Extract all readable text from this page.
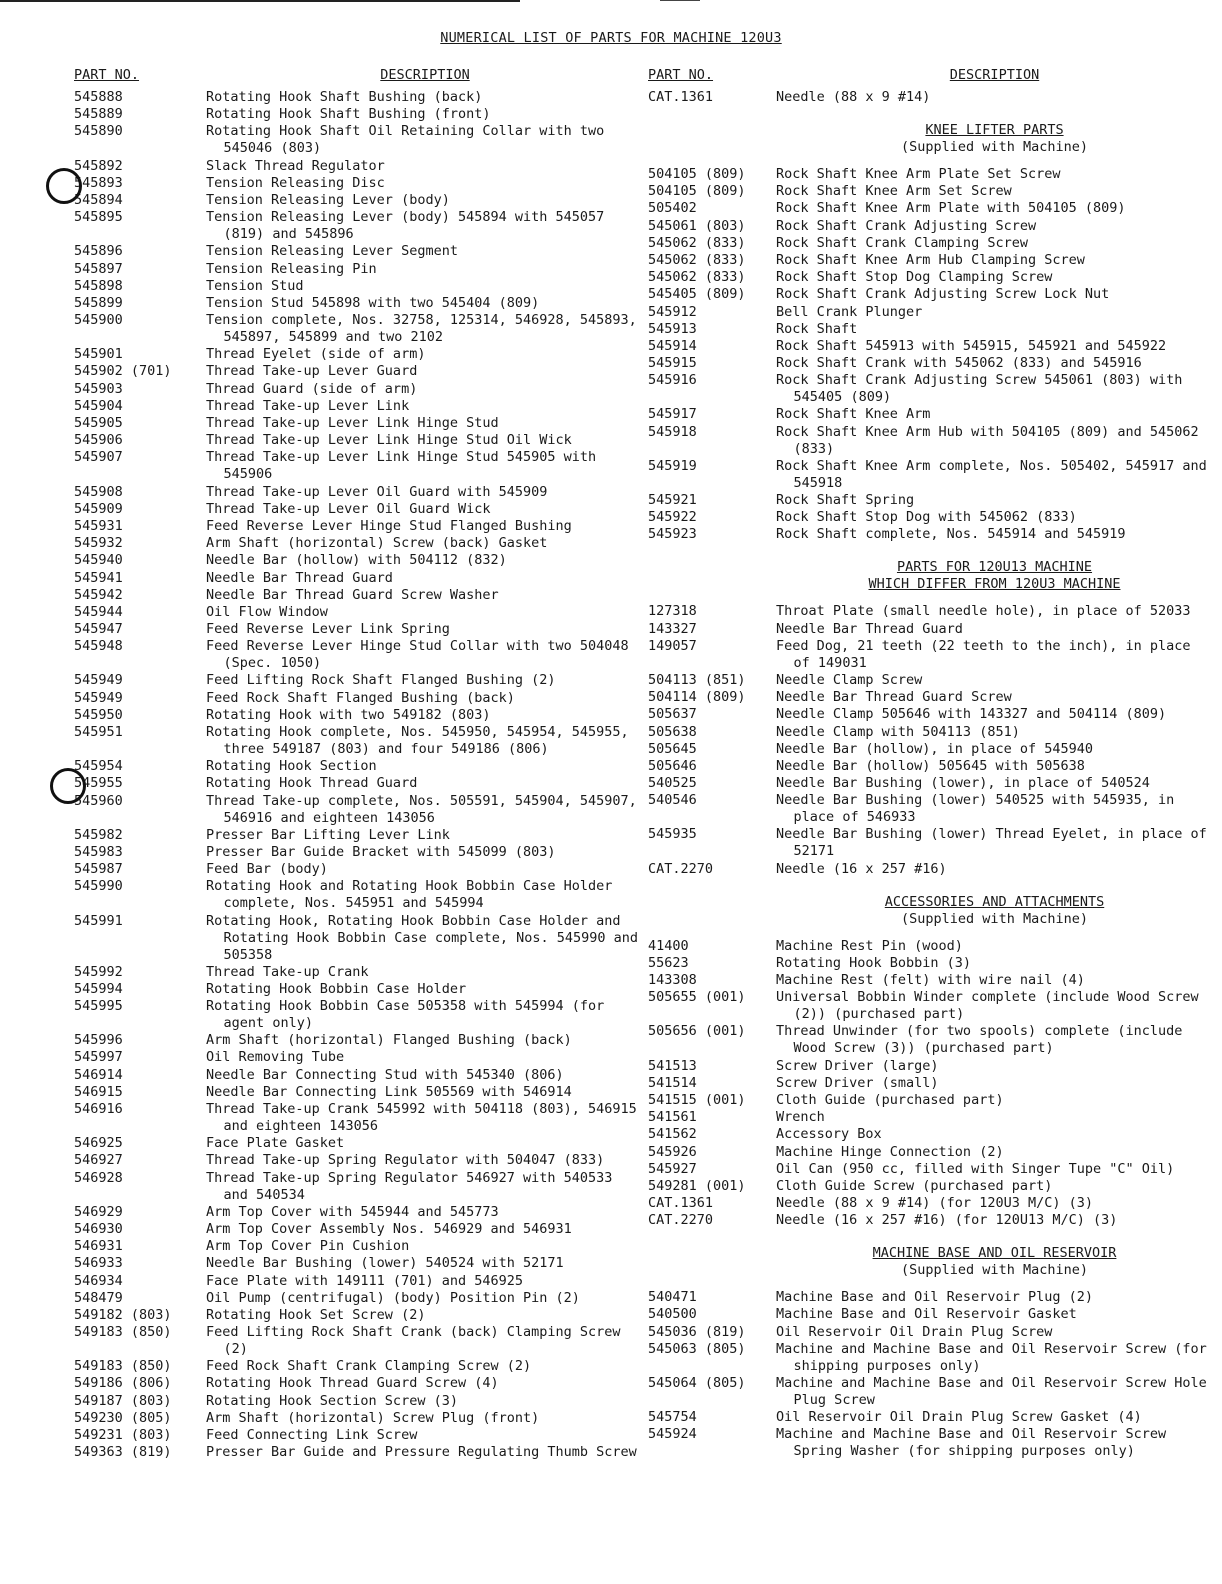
NUMERICAL LIST OF PARTS FOR MACHINE 120U3
PART NO.	DESCRIPTION
545888	Rotating Hook Shaft Bushing (back)
545889	Rotating Hook Shaft Bushing (front)
545890	Rotating Hook Shaft Oil Retaining Collar with two 545046 (803)
545892	Slack Thread Regulator
545893	Tension Releasing Disc
545894	Tension Releasing Lever (body)
545895	Tension Releasing Lever (body) 545894 with 545057 (819) and 545896
545896	Tension Releasing Lever Segment
545897	Tension Releasing Pin
545898	Tension Stud
545899	Tension Stud 545898 with two 545404 (809)
545900	Tension complete, Nos. 32758, 125314, 546928, 545893, 545897, 545899 and two 2102
545901	Thread Eyelet (side of arm)
545902 (701)	Thread Take-up Lever Guard
545903	Thread Guard (side of arm)
545904	Thread Take-up Lever Link
545905	Thread Take-up Lever Link Hinge Stud
545906	Thread Take-up Lever Link Hinge Stud Oil Wick
545907	Thread Take-up Lever Link Hinge Stud 545905 with 545906
545908	Thread Take-up Lever Oil Guard with 545909
545909	Thread Take-up Lever Oil Guard Wick
545931	Feed Reverse Lever Hinge Stud Flanged Bushing
545932	Arm Shaft (horizontal) Screw (back) Gasket
545940	Needle Bar (hollow) with 504112 (832)
545941	Needle Bar Thread Guard
545942	Needle Bar Thread Guard Screw Washer
545944	Oil Flow Window
545947	Feed Reverse Lever Link Spring
545948	Feed Reverse Lever Hinge Stud Collar with two 504048 (Spec. 1050)
545949	Feed Lifting Rock Shaft Flanged Bushing (2)
545949	Feed Rock Shaft Flanged Bushing (back)
545950	Rotating Hook with two 549182 (803)
545951	Rotating Hook complete, Nos. 545950, 545954, 545955, three 549187 (803) and four 549186 (806)
545954	Rotating Hook Section
545955	Rotating Hook Thread Guard
545960	Thread Take-up complete, Nos. 505591, 545904, 545907, 546916 and eighteen 143056
545982	Presser Bar Lifting Lever Link
545983	Presser Bar Guide Bracket with 545099 (803)
545987	Feed Bar (body)
545990	Rotating Hook and Rotating Hook Bobbin Case Holder complete, Nos. 545951 and 545994
545991	Rotating Hook, Rotating Hook Bobbin Case Holder and Rotating Hook Bobbin Case complete, Nos. 545990 and 505358
545992	Thread Take-up Crank
545994	Rotating Hook Bobbin Case Holder
545995	Rotating Hook Bobbin Case 505358 with 545994 (for agent only)
545996	Arm Shaft (horizontal) Flanged Bushing (back)
545997	Oil Removing Tube
546914	Needle Bar Connecting Stud with 545340 (806)
546915	Needle Bar Connecting Link 505569 with 546914
546916	Thread Take-up Crank 545992 with 504118 (803), 546915 and eighteen 143056
546925	Face Plate Gasket
546927	Thread Take-up Spring Regulator with 504047 (833)
546928	Thread Take-up Spring Regulator 546927 with 540533 and 540534
546929	Arm Top Cover with 545944 and 545773
546930	Arm Top Cover Assembly Nos. 546929 and 546931
546931	Arm Top Cover Pin Cushion
546933	Needle Bar Bushing (lower) 540524 with 52171
546934	Face Plate with 149111 (701) and 546925
548479	Oil Pump (centrifugal) (body) Position Pin (2)
549182 (803)	Rotating Hook Set Screw (2)
549183 (850)	Feed Lifting Rock Shaft Crank (back) Clamping Screw (2)
549183 (850)	Feed Rock Shaft Crank Clamping Screw (2)
549186 (806)	Rotating Hook Thread Guard Screw (4)
549187 (803)	Rotating Hook Section Screw (3)
549230 (805)	Arm Shaft (horizontal) Screw Plug (front)
549231 (803)	Feed Connecting Link Screw
549363 (819)	Presser Bar Guide and Pressure Regulating Thumb Screw
PART NO.	DESCRIPTION
CAT.1361	Needle (88 x 9 #14)
KNEE LIFTER PARTS
(Supplied with Machine)
504105 (809)	Rock Shaft Knee Arm Plate Set Screw
504105 (809)	Rock Shaft Knee Arm Set Screw
505402	Rock Shaft Knee Arm Plate with 504105 (809)
545061 (803)	Rock Shaft Crank Adjusting Screw
545062 (833)	Rock Shaft Crank Clamping Screw
545062 (833)	Rock Shaft Knee Arm Hub Clamping Screw
545062 (833)	Rock Shaft Stop Dog Clamping Screw
545405 (809)	Rock Shaft Crank Adjusting Screw Lock Nut
545912	Bell Crank Plunger
545913	Rock Shaft
545914	Rock Shaft 545913 with 545915, 545921 and 545922
545915	Rock Shaft Crank with 545062 (833) and 545916
545916	Rock Shaft Crank Adjusting Screw 545061 (803) with 545405 (809)
545917	Rock Shaft Knee Arm
545918	Rock Shaft Knee Arm Hub with 504105 (809) and 545062 (833)
545919	Rock Shaft Knee Arm complete, Nos. 505402, 545917 and 545918
545921	Rock Shaft Spring
545922	Rock Shaft Stop Dog with 545062 (833)
545923	Rock Shaft complete, Nos. 545914 and 545919
PARTS FOR 120U13 MACHINE
WHICH DIFFER FROM 120U3 MACHINE
127318	Throat Plate (small needle hole), in place of 52033
143327	Needle Bar Thread Guard
149057	Feed Dog, 21 teeth (22 teeth to the inch), in place of 149031
504113 (851)	Needle Clamp Screw
504114 (809)	Needle Bar Thread Guard Screw
505637	Needle Clamp 505646 with 143327 and 504114 (809)
505638	Needle Clamp with 504113 (851)
505645	Needle Bar (hollow), in place of 545940
505646	Needle Bar (hollow) 505645 with 505638
540525	Needle Bar Bushing (lower), in place of 540524
540546	Needle Bar Bushing (lower) 540525 with 545935, in place of 546933
545935	Needle Bar Bushing (lower) Thread Eyelet, in place of 52171
CAT.2270	Needle (16 x 257 #16)
ACCESSORIES AND ATTACHMENTS
(Supplied with Machine)
41400	Machine Rest Pin (wood)
55623	Rotating Hook Bobbin (3)
143308	Machine Rest (felt) with wire nail (4)
505655 (001)	Universal Bobbin Winder complete (include Wood Screw (2)) (purchased part)
505656 (001)	Thread Unwinder (for two spools) complete (include Wood Screw (3)) (purchased part)
541513	Screw Driver (large)
541514	Screw Driver (small)
541515 (001)	Cloth Guide (purchased part)
541561	Wrench
541562	Accessory Box
545926	Machine Hinge Connection (2)
545927	Oil Can (950 cc, filled with Singer Tupe "C" Oil)
549281 (001)	Cloth Guide Screw (purchased part)
CAT.1361	Needle (88 x 9 #14) (for 120U3 M/C) (3)
CAT.2270	Needle (16 x 257 #16) (for 120U13 M/C) (3)
MACHINE BASE AND OIL RESERVOIR
(Supplied with Machine)
540471	Machine Base and Oil Reservoir Plug (2)
540500	Machine Base and Oil Reservoir Gasket
545036 (819)	Oil Reservoir Oil Drain Plug Screw
545063 (805)	Machine and Machine Base and Oil Reservoir Screw (for shipping purposes only)
545064 (805)	Machine and Machine Base and Oil Reservoir Screw Hole Plug Screw
545754	Oil Reservoir Oil Drain Plug Screw Gasket (4)
545924	Machine and Machine Base and Oil Reservoir Screw Spring Washer (for shipping purposes only)
